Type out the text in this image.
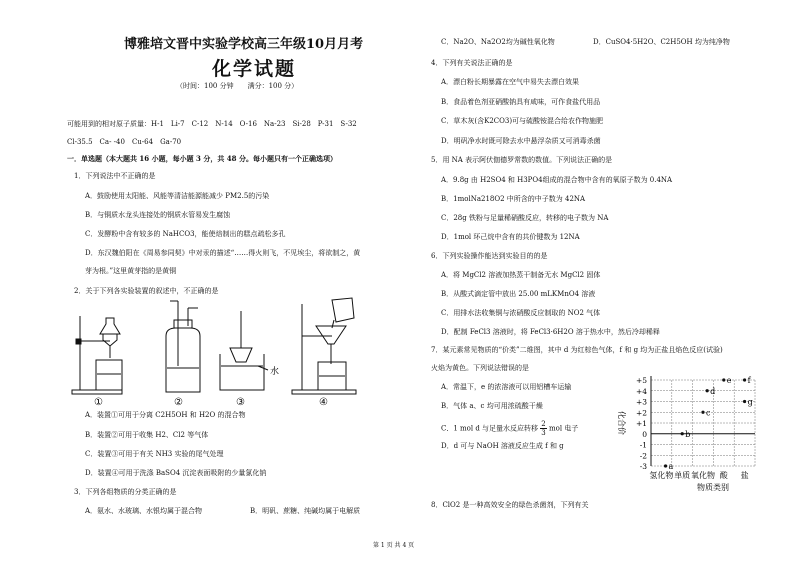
博雅培文晋中实验学校高三年级10月月考
化学试题
（时间：100 分钟　　满分：100 分）
可能用到的相对原子质量：H-1　Li-7　C-12　N-14　O-16　Na-23　Si-28　P-31　S-32
Cl-35.5　Ca- -40　Cu-64　Ga-70
一．单选题（本大题共 16 小题，每小题 3 分，共 48 分。每小题只有一个正确选项）
1．下列说法中不正确的是
A．鼓励使用太阳能、风能等清洁能源能减少 PM2.5的污染
B．与铜质水龙头连接处的钢质水管易发生腐蚀
C．发酵粉中含有较多的 NaHCO3，能使焙制出的糕点疏松多孔
D．东汉魏伯阳在《周易参同契》中对汞的描述“……得火则飞，不见埃尘，将欲制之，黄
芽为根。”这里黄芽指的是黄铜
2．关于下列各实验装置的叙述中，不正确的是
水
①	②	③	④
A．装置①可用于分离 C2H5OH 和 H2O 的混合物
B．装置②可用于收集 H2、Cl2 等气体
C．装置③可用于有关 NH3 实验的尾气处理
D．装置④可用于洗涤 BaSO4 沉淀表面吸附的少量氯化钠
3．下列各组物质的分类正确的是
A．氨水、水玻璃、水银均属于混合物	B．明矾、蔗糖、纯碱均属于电解质
C．Na2O、Na2O2均为碱性氧化物	D．CuSO4·5H2O、C2H5OH 均为纯净物
4．下列有关说法正确的是
A．漂白粉长期暴露在空气中易失去漂白效果
B．食品着色剂亚硝酸钠具有咸味，可作食盐代用品
C．草木灰(含K2CO3)可与硫酸铵混合给农作物施肥
D．明矾净水时既可除去水中悬浮杂质又可消毒杀菌
5．用 NA 表示阿伏伽德罗常数的数值。下列说法正确的是
A．9.8g 由 H2SO4 和 H3PO4组成的混合物中含有的氧原子数为 0.4NA
B．1molNa218O2 中所含的中子数为 42NA
C．28g 铁粉与足量稀硝酸反应，转移的电子数为 NA
D．1mol 环己烷中含有的共价键数为 12NA
6．下列实验操作能达到实验目的的是
A．将 MgCl2 溶液加热蒸干制备无水 MgCl2 固体
B．从酸式滴定管中放出 25.00 mLKMnO4 溶液
C．用排水法收集铜与浓硝酸反应制取的 NO2 气体
D．配制 FeCl3 溶液时，将 FeCl3·6H2O 溶于热水中，然后冷却稀释
7．某元素常见物质的“价类”二维图，其中 d 为红棕色气体，f 和 g 均为正盐且焰色反应(试验)
火焰为黄色。下列说法错误的是
A．常温下，e 的浓溶液可以用铝槽车运输
B．气体 a、c 均可用浓硫酸干燥
C．1 mol d 与足量水反应转移 $\frac{2}{3}$ mol 电子
D．d 可与 NaOH 溶液反应生成 f 和 g
8．ClO2 是一种高效安全的绿色杀菌剂，下列有关
化合价
物质类别
+5
+4
+3
+2
+1
0
-1
-2
-3
氢化物 单质 氧化物 酸 盐
a
b
c
d
e f
g
第 1 页 共 4 页
